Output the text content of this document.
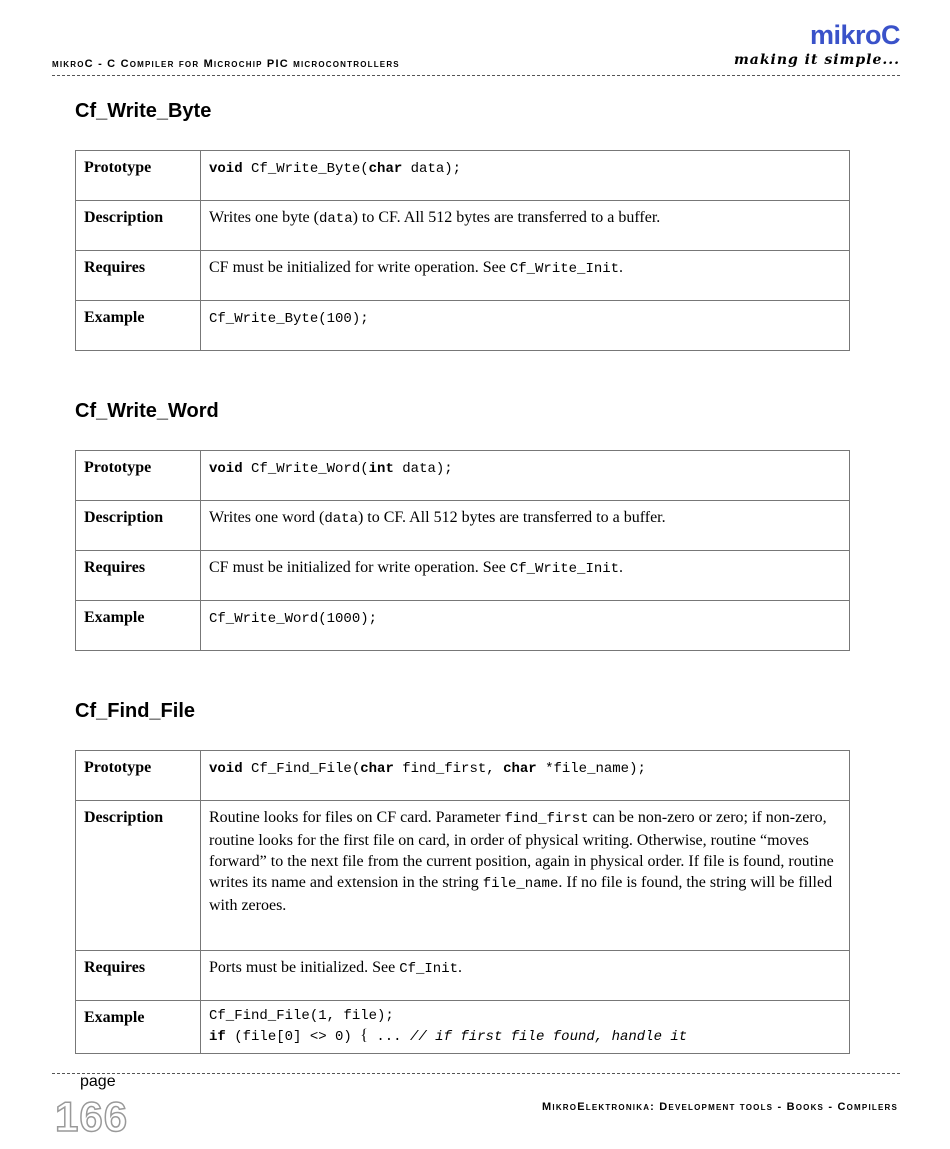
mikroC - C Compiler for Microchip PIC microcontrollers
mikroC
making it simple...
Cf_Write_Byte
Prototype	void Cf_Write_Byte(char data);
Description	Writes one byte (data) to CF. All 512 bytes are transferred to a buffer.
Requires	CF must be initialized for write operation. See Cf_Write_Init.
Example	Cf_Write_Byte(100);
Cf_Write_Word
Prototype	void Cf_Write_Word(int data);
Description	Writes one word (data) to CF. All 512 bytes are transferred to a buffer.
Requires	CF must be initialized for write operation. See Cf_Write_Init.
Example	Cf_Write_Word(1000);
Cf_Find_File
Prototype	void Cf_Find_File(char find_first, char *file_name);
Description	Routine looks for files on CF card. Parameter find_first can be non-zero or zero; if non-zero, routine looks for the first file on card, in order of physical writing. Otherwise, routine “moves forward” to the next file from the current position, again in physical order. If file is found, routine writes its name and extension in the string file_name. If no file is found, the string will be filled with zeroes.
Requires	Ports must be initialized. See Cf_Init.
Example	Cf_Find_File(1, file);
if (file[0] <> 0) { ... // if first file found, handle it
page
166	MikroElektronika: Development tools - Books - Compilers
